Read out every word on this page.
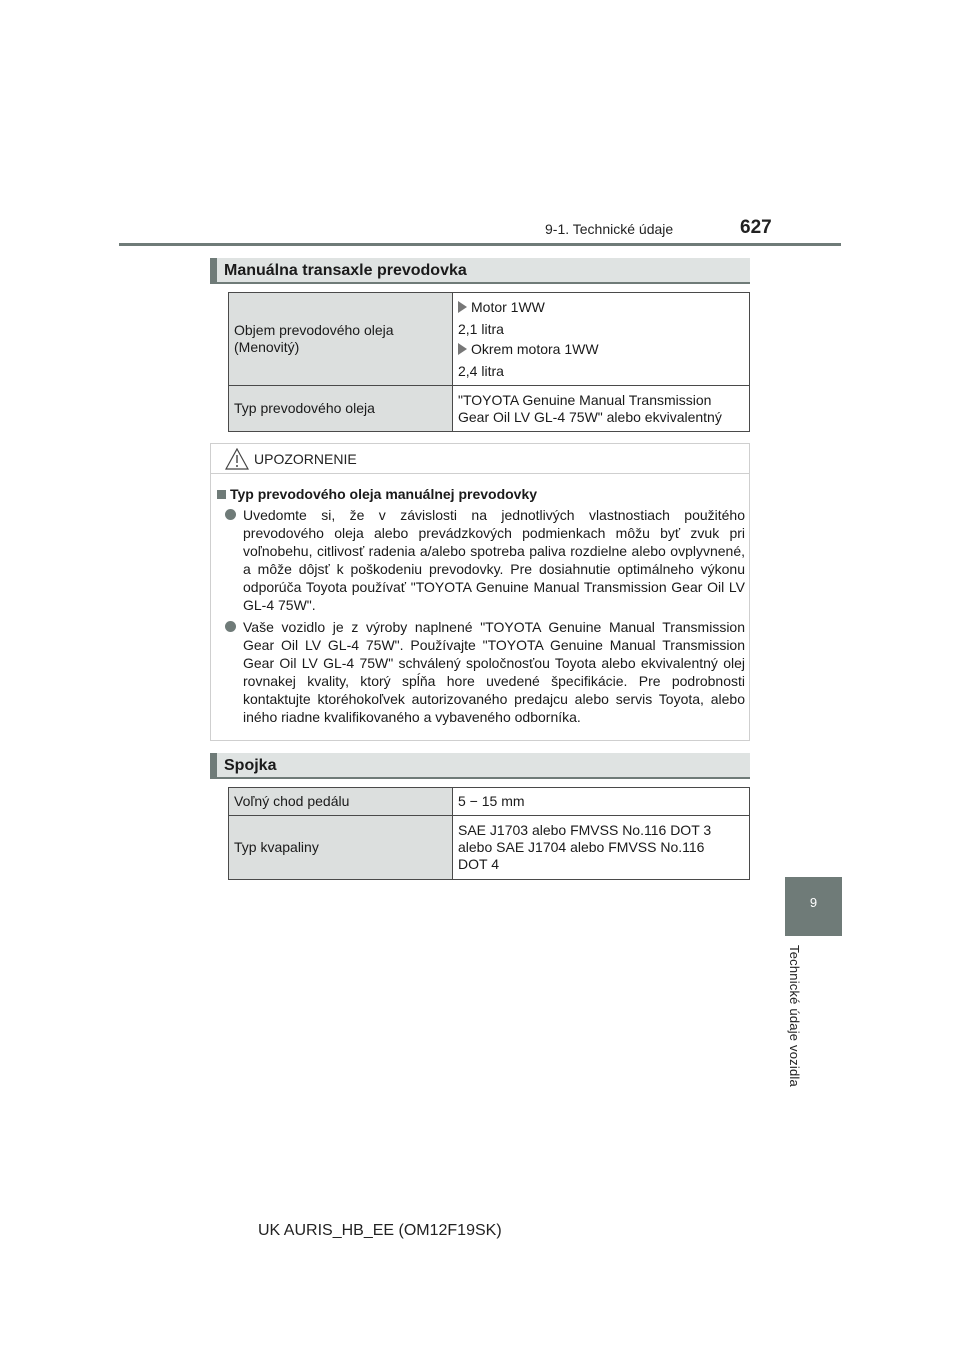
9-1. Technické údaje	627
9
Technické údaje vozidla
Manuálna transaxle prevodovka
Objem prevodového oleja
(Menovitý)	Motor 1WW
2,1 litra
Okrem motora 1WW
2,4 litra

Typ prevodového oleja	"TOYOTA Genuine Manual Transmission
Gear Oil LV GL-4 75W" alebo ekvivalentný
UPOZORNENIE
Typ prevodového oleja manuálnej prevodovky
Uvedomte si, že v závislosti na jednotlivých vlastnostiach použitého prevodového oleja alebo prevádzkových podmienkach môžu byť zvuk pri voľnobehu, citlivosť radenia a/alebo spotreba paliva rozdielne alebo ovplyvnené, a môže dôjsť k poškodeniu prevodovky. Pre dosiahnutie optimálneho výkonu odporúča Toyota používať "TOYOTA Genuine Manual Transmission Gear Oil LV GL-4 75W".
Vaše vozidlo je z výroby naplnené "TOYOTA Genuine Manual Transmission Gear Oil LV GL-4 75W". Používajte "TOYOTA Genuine Manual Transmission Gear Oil LV GL-4 75W" schválený spoločnosťou Toyota alebo ekvivalentný olej rovnakej kvality, ktorý spĺňa hore uvedené špecifikácie. Pre podrobnosti kontaktujte ktoréhokoľvek autorizovaného predajcu alebo servis Toyota, alebo iného riadne kvalifikovaného a vybaveného odborníka.
Spojka
Voľný chod pedálu	5 − 15 mm
Typ kvapaliny	SAE J1703 alebo FMVSS No.116 DOT 3
alebo SAE J1704 alebo FMVSS No.116
DOT 4
UK AURIS_HB_EE (OM12F19SK)
